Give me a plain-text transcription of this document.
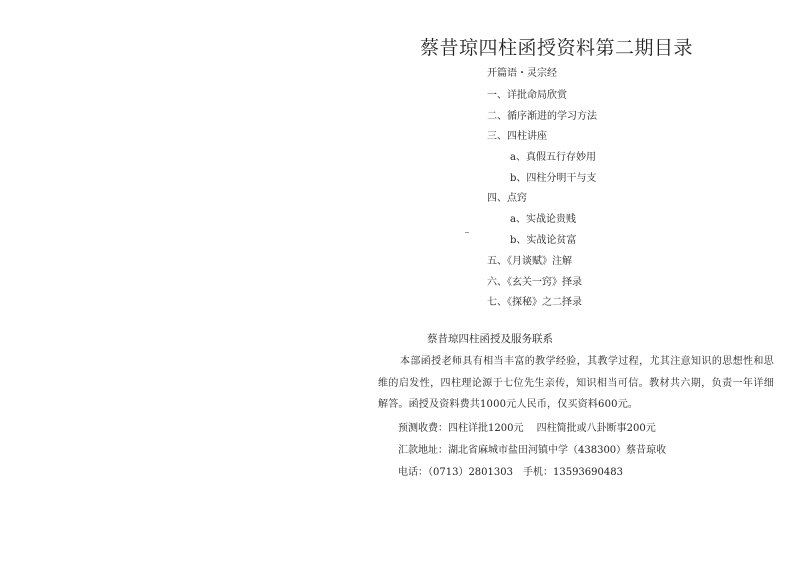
蔡昔琼四柱函授资料第二期目录
开篇语・灵宗经
一、详批命局欣赏
二、循序渐进的学习方法
三、四柱讲座
a、真假五行存妙用
b、四柱分明干与支
四、点窍
a、实战论贵贱
b、实战论贫富
五、《月谈赋》注解
六、《玄关一窍》择录
七、《探秘》之二择录
蔡昔琼四柱函授及服务联系
本部函授老师具有相当丰富的教学经验，其教学过程，尤其注意知识的思想性和思维的启发性，四柱理论源于七位先生亲传，知识相当可信。教材共六期，负责一年详细解答。函授及资料费共1000元人民币，仅买资料600元。
预测收费：四柱详批1200元　 四柱简批或八卦断事200元
汇款地址：湖北省麻城市盐田河镇中学（438300）蔡昔琼收
电话：（0713）2801303　手机：13593690483
